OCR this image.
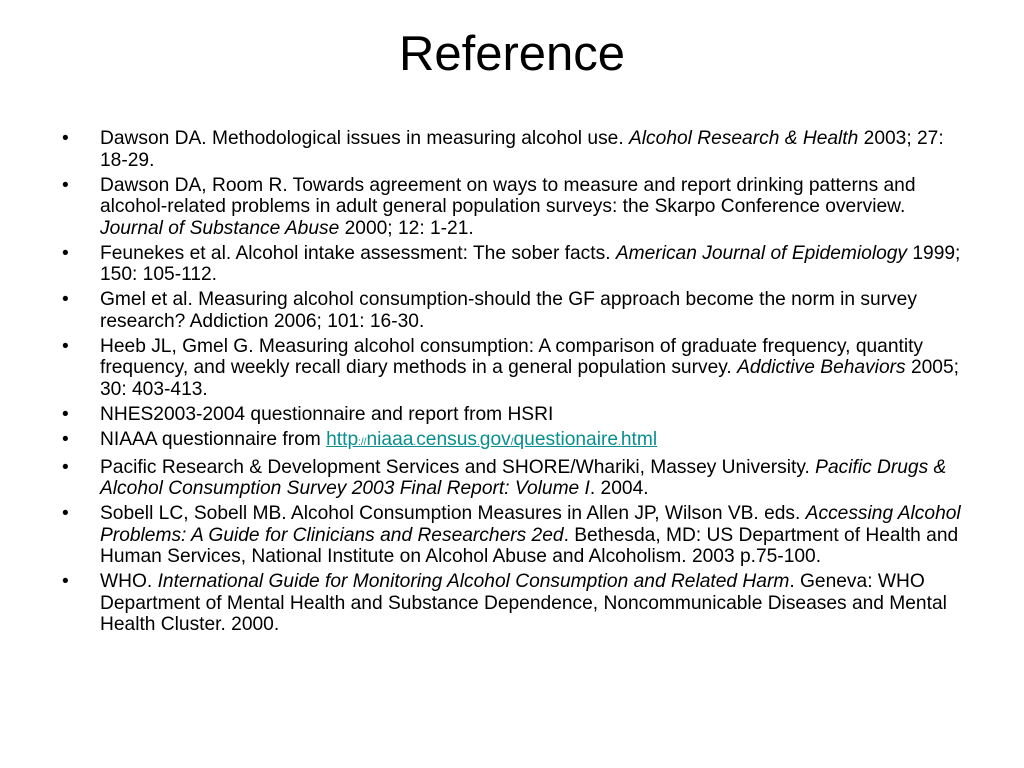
Reference
• Dawson DA. Methodological issues in measuring alcohol use. Alcohol Research & Health 2003; 27: 18-29.
• Dawson DA, Room R. Towards agreement on ways to measure and report drinking patterns and alcohol-related problems in adult general population surveys: the Skarpo Conference overview. Journal of Substance Abuse 2000; 12: 1-21.
• Feunekes et al. Alcohol intake assessment: The sober facts. American Journal of Epidemiology 1999; 150: 105-112.
• Gmel et al. Measuring alcohol consumption-should the GF approach become the norm in survey research? Addiction 2006; 101: 16-30.
• Heeb JL, Gmel G. Measuring alcohol consumption: A comparison of graduate frequency, quantity frequency, and weekly recall diary methods in a general population survey. Addictive Behaviors 2005; 30: 403-413.
• NHES2003-2004 questionnaire and report from HSRI
• NIAAA questionnaire from http://niaaa.census.gov/questionaire.html
• Pacific Research & Development Services and SHORE/Whariki, Massey University. Pacific Drugs & Alcohol Consumption Survey 2003 Final Report: Volume I. 2004.
• Sobell LC, Sobell MB. Alcohol Consumption Measures in Allen JP, Wilson VB. eds. Accessing Alcohol Problems: A Guide for Clinicians and Researchers 2ed. Bethesda, MD: US Department of Health and Human Services, National Institute on Alcohol Abuse and Alcoholism. 2003 p.75-100.
• WHO. International Guide for Monitoring Alcohol Consumption and Related Harm. Geneva: WHO Department of Mental Health and Substance Dependence, Noncommunicable Diseases and Mental Health Cluster. 2000.
